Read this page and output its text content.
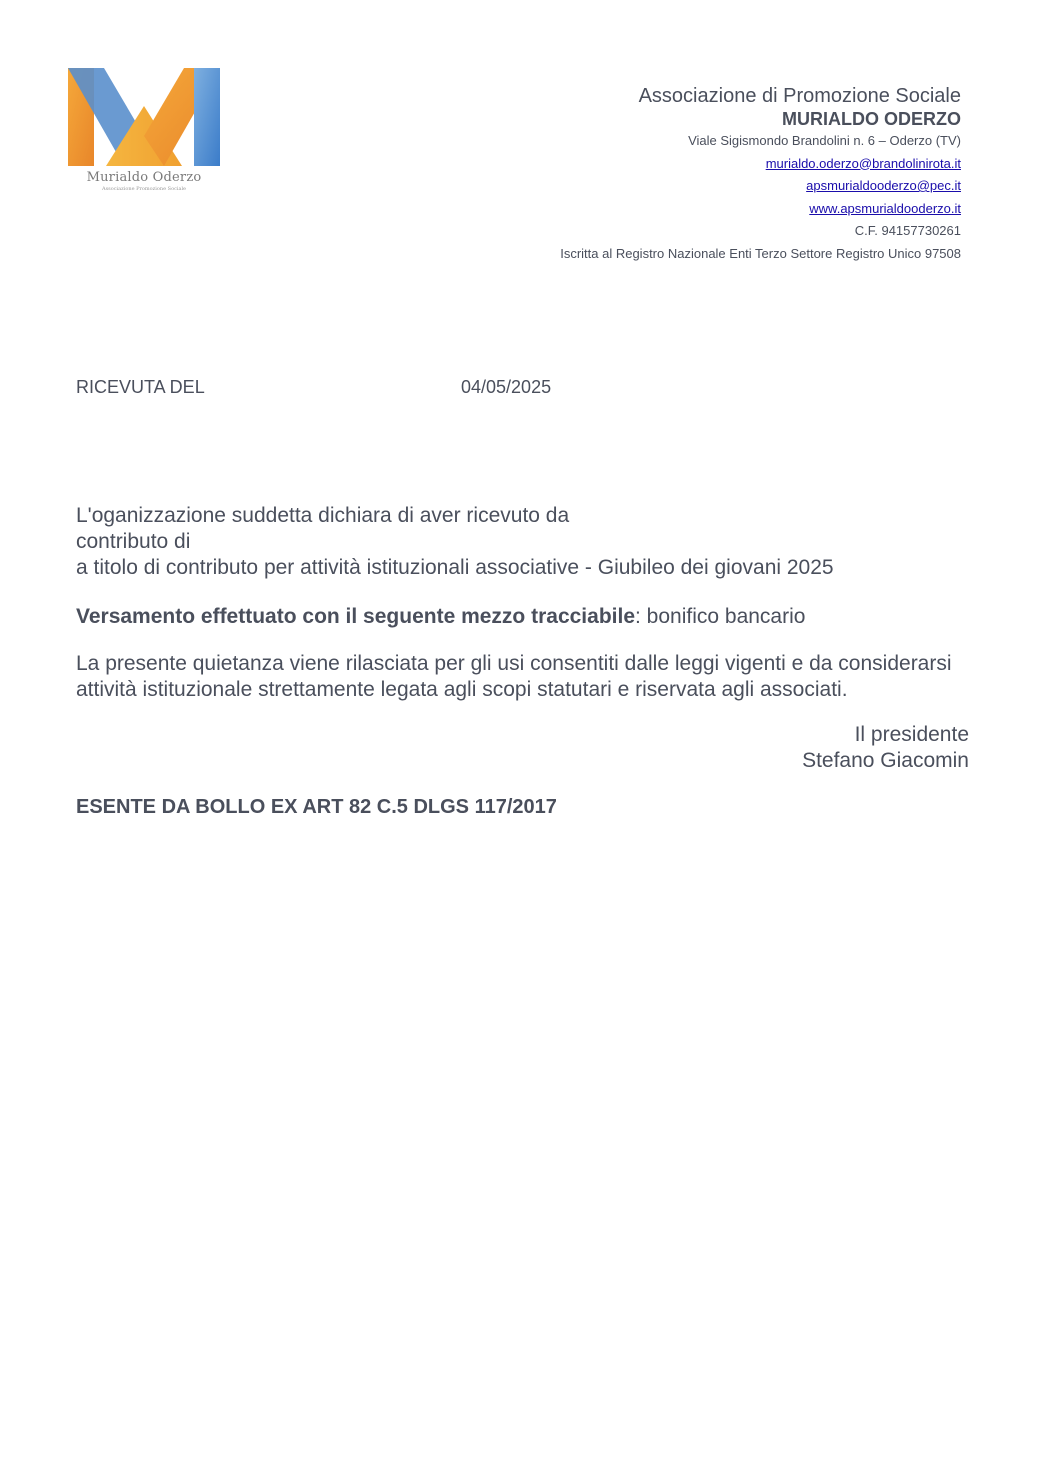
Murialdo Oderzo
Associazione Promozione Sociale
Associazione di Promozione Sociale
MURIALDO ODERZO
Viale Sigismondo Brandolini n. 6 – Oderzo (TV)
murialdo.oderzo@brandolinirota.it
apsmurialdooderzo@pec.it
www.apsmurialdooderzo.it
C.F. 94157730261
Iscritta al Registro Nazionale Enti Terzo Settore Registro Unico 97508
RICEVUTA DEL	04/05/2025
L'oganizzazione suddetta dichiara di aver ricevuto da
contributo di
a titolo di contributo per attività istituzionali associative - Giubileo dei giovani 2025
Versamento effettuato con il seguente mezzo tracciabile: bonifico bancario
La presente quietanza viene rilasciata per gli usi consentiti dalle leggi vigenti e da considerarsi
attività istituzionale strettamente legata agli scopi statutari e riservata agli associati.
Il presidente
Stefano Giacomin
ESENTE DA BOLLO EX ART 82 C.5 DLGS 117/2017
